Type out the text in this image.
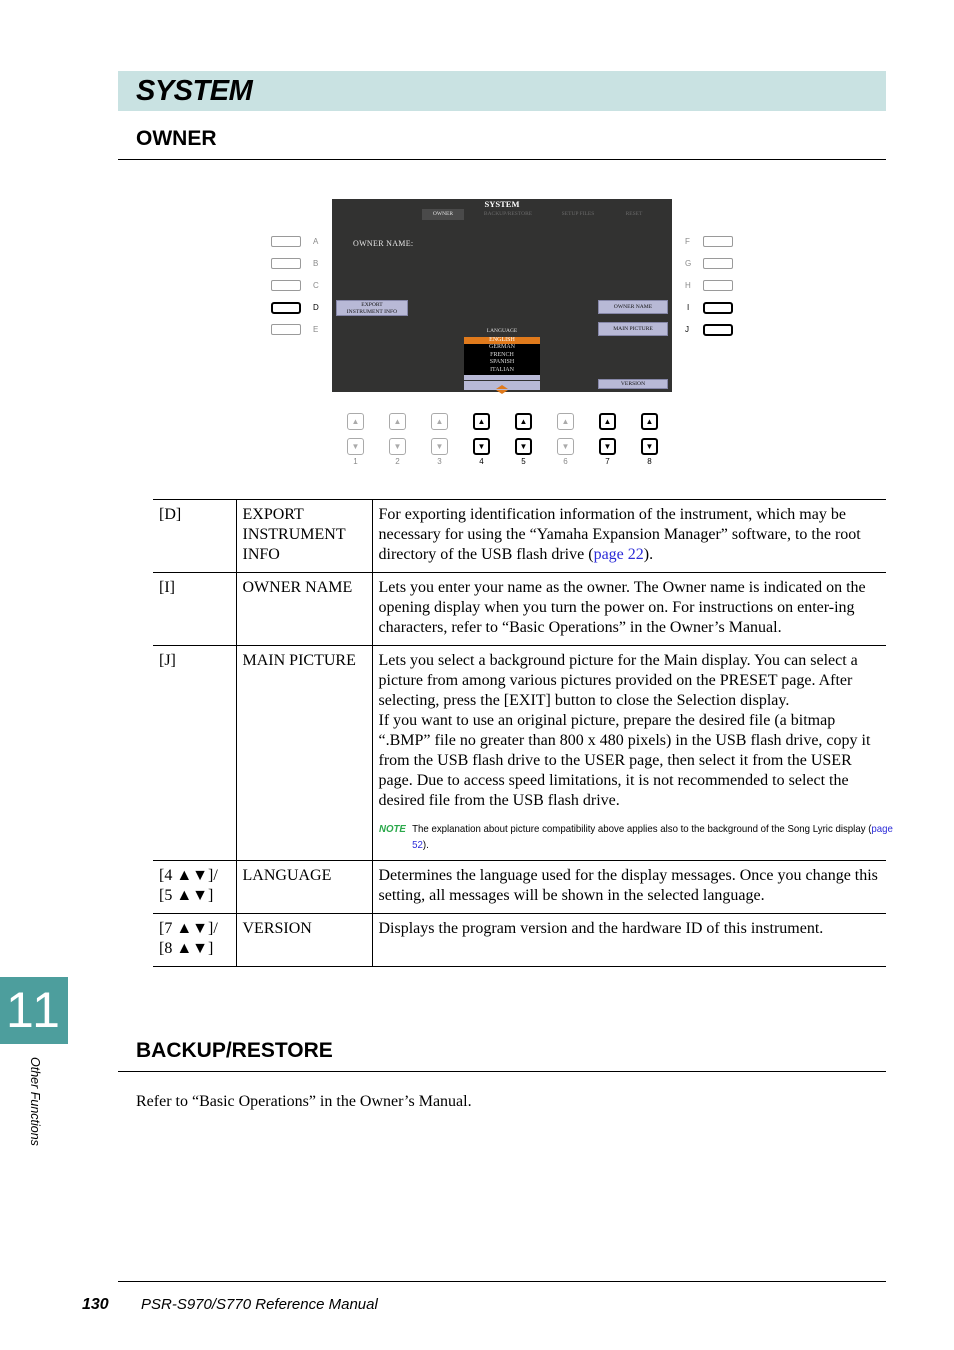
SYSTEM
OWNER
A
B
C
D
E
F
G
H
I
J
SYSTEM
OWNER	BACKUP/RESTORE	SETUP FILES	RESET
OWNER NAME:
EXPORT
INSTRUMENT INFO
OWNER NAME
MAIN PICTURE
VERSION
LANGUAGE
ENGLISH
GERMAN
FRENCH
SPANISH
ITALIAN
▲	▲	▲	▲	▲	▲	▲	▲
▼	▼	▼	▼	▼	▼	▼	▼
1	2	3	4	5	6	7	8
[D]	EXPORT INSTRUMENT INFO	For exporting identification information of the instrument, which may be necessary for using the “Yamaha Expansion Manager” software, to the root directory of the USB flash drive (page 22).
[I]	OWNER NAME	Lets you enter your name as the owner. The Owner name is indicated on the opening display when you turn the power on. For instructions on enter-ing characters, refer to “Basic Operations” in the Owner’s Manual.
[J]	MAIN PICTURE	Lets you select a background picture for the Main display. You can select a picture from among various pictures provided on the PRESET page. After selecting, press the [EXIT] button to close the Selection display.
If you want to use an original picture, prepare the desired file (a bitmap “.BMP” file no greater than 800 x 480 pixels) in the USB flash drive, copy it from the USB flash drive to the USER page, then select it from the USER page. Due to access speed limitations, it is not recommended to select the desired file from the USB flash drive.
NOTE The explanation about picture compatibility above applies also to the background of the Song Lyric display (page 52).

[4 ▲▼]/
[5 ▲▼]	LANGUAGE	Determines the language used for the display messages. Once you change this setting, all messages will be shown in the selected language.

[7 ▲▼]/
[8 ▲▼]	VERSION	Displays the program version and the hardware ID of this instrument.
11
Other Functions
BACKUP/RESTORE
Refer to “Basic Operations” in the Owner’s Manual.
130 PSR-S970/S770 Reference Manual
